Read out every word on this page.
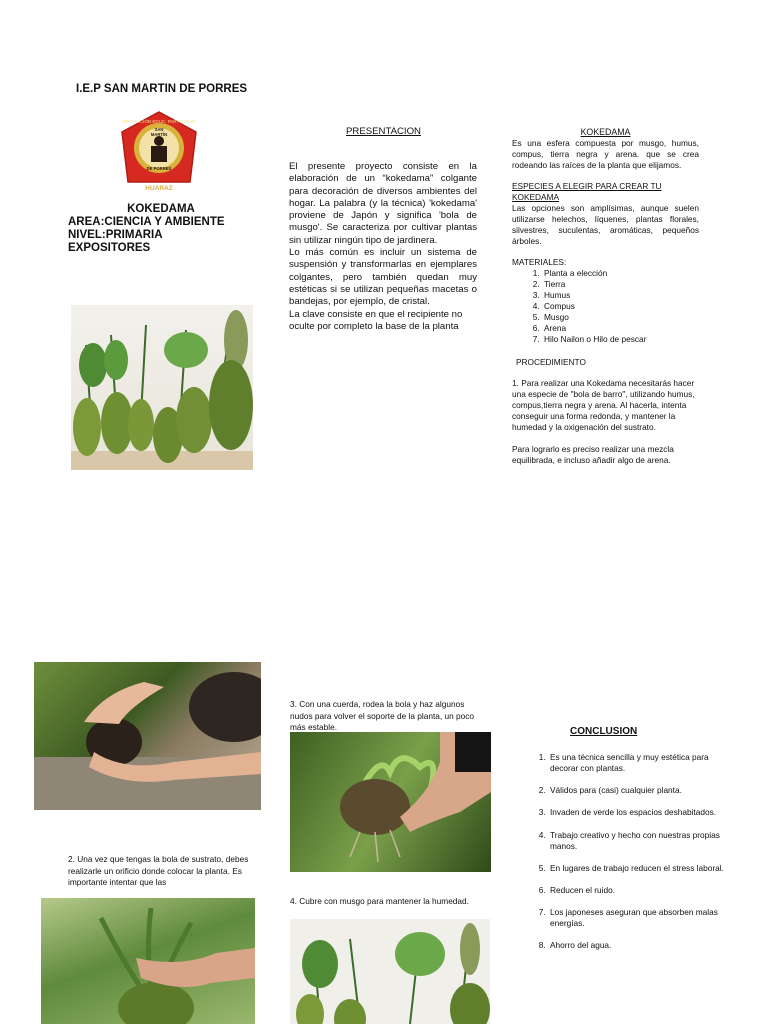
I.E.P SAN MARTIN DE PORRES
INSTITUCIÓN EDUC. PARTICULAR
SAN
MARTÍN
DE PORRES
HUARAZ
KOKEDAMA
AREA:CIENCIA Y AMBIENTE
NIVEL:PRIMARIA
EXPOSITORES
2. Una vez que tengas la bola de sustrato, debes realizarle un orificio donde colocar la planta. Es importante intentar que las
PRESENTACION
El presente proyecto consiste en la elaboración de un “kokedama” colgante para decoración de diversos ambientes del hogar. La palabra (y la técnica) 'kokedama' proviene de Japón y significa 'bola de musgo'. Se caracteriza por cultivar plantas sin utilizar ningún tipo de jardinera.
Lo más común es incluir un sistema de suspensión y transformarlas en ejemplares colgantes, pero también quedan muy estéticas si se utilizan pequeñas macetas o bandejas, por ejemplo, de cristal.
La clave consiste en que el recipiente no oculte por completo la base de la planta
3. Con una cuerda, rodea la bola y haz algunos nudos para volver el soporte de la planta, un poco más estable.
4. Cubre con musgo para mantener la humedad.
KOKEDAMA
Es una esfera compuesta por musgo, humus, compus, tierra negra y arena. que se crea rodeando las raíces de la planta que elijamos.
ESPECIES A ELEGIR PARA CREAR TU KOKEDAMA
Las opciones son amplísimas, aunque suelen utilizarse helechos, líquenes, plantas florales, silvestres, suculentas, aromáticas, pequeños árboles.
MATERIALES:
1. Planta a elección
2. Tierra
3. Humus
4. Compus
5. Musgo
6. Arena
7. Hilo Nailon o Hilo de pescar
PROCEDIMIENTO
1. Para realizar una Kokedama necesitarás hacer una especie de "bola de barro", utilizando humus, compus,tierra negra y arena. Al hacerla, intenta conseguir una forma redonda, y mantener la humedad y la oxigenación del sustrato.
Para lograrlo es preciso realizar una mezcla equilibrada, e incluso añadir algo de arena.
CONCLUSION
1. Es una técnica sencilla y muy estética para decorar con plantas.
2. Válidos para (casi) cualquier planta.
3. Invaden de verde los espacios deshabitados.
4. Trabajo creativo y hecho con nuestras propias manos.
5. En lugares de trabajo reducen el stress laboral.
6. Reducen el ruido.
7. Los japoneses aseguran que absorben malas energías.
8. Ahorro del agua.
